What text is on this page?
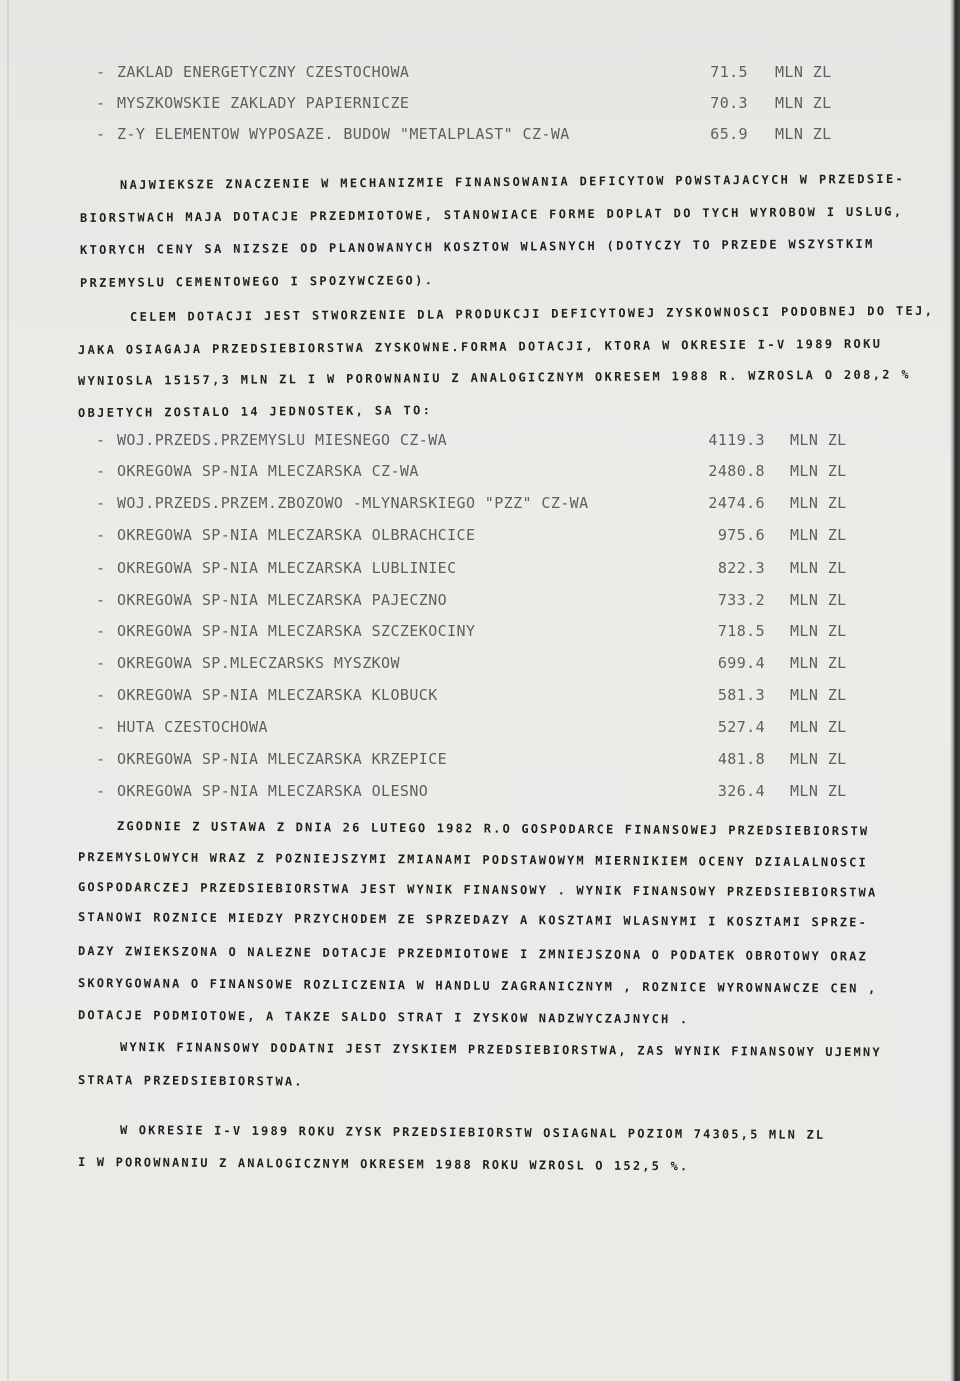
- ZAKLAD ENERGETYCZNY CZESTOCHOWA	71.5 MLN ZL
- MYSZKOWSKIE ZAKLADY PAPIERNICZE	70.3 MLN ZL
- Z-Y ELEMENTOW WYPOSAZE. BUDOW "METALPLAST" CZ-WA	65.9 MLN ZL
NAJWIEKSZE ZNACZENIE W MECHANIZMIE FINANSOWANIA DEFICYTOW POWSTAJACYCH W PRZEDSIE-
BIORSTWACH MAJA DOTACJE PRZEDMIOTOWE, STANOWIACE FORME DOPLAT DO TYCH WYROBOW I USLUG,
KTORYCH CENY SA NIZSZE OD PLANOWANYCH KOSZTOW WLASNYCH (DOTYCZY TO PRZEDE WSZYSTKIM
PRZEMYSLU CEMENTOWEGO I SPOZYWCZEGO).
CELEM DOTACJI JEST STWORZENIE DLA PRODUKCJI DEFICYTOWEJ ZYSKOWNOSCI PODOBNEJ DO TEJ,
JAKA OSIAGAJA PRZEDSIEBIORSTWA ZYSKOWNE.FORMA DOTACJI, KTORA W OKRESIE I-V 1989 ROKU
WYNIOSLA 15157,3 MLN ZL I W POROWNANIU Z ANALOGICZNYM OKRESEM 1988 R. WZROSLA O 208,2 %
OBJETYCH ZOSTALO 14 JEDNOSTEK, SA TO:
- WOJ.PRZEDS.PRZEMYSLU MIESNEGO CZ-WA	4119.3 MLN ZL
- OKREGOWA SP-NIA MLECZARSKA CZ-WA	2480.8 MLN ZL
- WOJ.PRZEDS.PRZEM.ZBOZOWO -MLYNARSKIEGO "PZZ" CZ-WA	2474.6 MLN ZL
- OKREGOWA SP-NIA MLECZARSKA OLBRACHCICE	975.6 MLN ZL
- OKREGOWA SP-NIA MLECZARSKA LUBLINIEC	822.3 MLN ZL
- OKREGOWA SP-NIA MLECZARSKA PAJECZNO	733.2 MLN ZL
- OKREGOWA SP-NIA MLECZARSKA SZCZEKOCINY	718.5 MLN ZL
- OKREGOWA SP.MLECZARSKS MYSZKOW	699.4 MLN ZL
- OKREGOWA SP-NIA MLECZARSKA KLOBUCK	581.3 MLN ZL
- HUTA CZESTOCHOWA	527.4 MLN ZL
- OKREGOWA SP-NIA MLECZARSKA KRZEPICE	481.8 MLN ZL
- OKREGOWA SP-NIA MLECZARSKA OLESNO	326.4 MLN ZL
ZGODNIE Z USTAWA Z DNIA 26 LUTEGO 1982 R.O GOSPODARCE FINANSOWEJ PRZEDSIEBIORSTW
PRZEMYSLOWYCH WRAZ Z POZNIEJSZYMI ZMIANAMI PODSTAWOWYM MIERNIKIEM OCENY DZIALALNOSCI
GOSPODARCZEJ PRZEDSIEBIORSTWA JEST WYNIK FINANSOWY . WYNIK FINANSOWY PRZEDSIEBIORSTWA
STANOWI ROZNICE MIEDZY PRZYCHODEM ZE SPRZEDAZY A KOSZTAMI WLASNYMI I KOSZTAMI SPRZE-
DAZY ZWIEKSZONA O NALEZNE DOTACJE PRZEDMIOTOWE I ZMNIEJSZONA O PODATEK OBROTOWY ORAZ
SKORYGOWANA O FINANSOWE ROZLICZENIA W HANDLU ZAGRANICZNYM , ROZNICE WYROWNAWCZE CEN ,
DOTACJE PODMIOTOWE, A TAKZE SALDO STRAT I ZYSKOW NADZWYCZAJNYCH .
WYNIK FINANSOWY DODATNI JEST ZYSKIEM PRZEDSIEBIORSTWA, ZAS WYNIK FINANSOWY UJEMNY
STRATA PRZEDSIEBIORSTWA.
W OKRESIE I-V 1989 ROKU ZYSK PRZEDSIEBIORSTW OSIAGNAL POZIOM 74305,5 MLN ZL
I W POROWNANIU Z ANALOGICZNYM OKRESEM 1988 ROKU WZROSL O 152,5 %.
